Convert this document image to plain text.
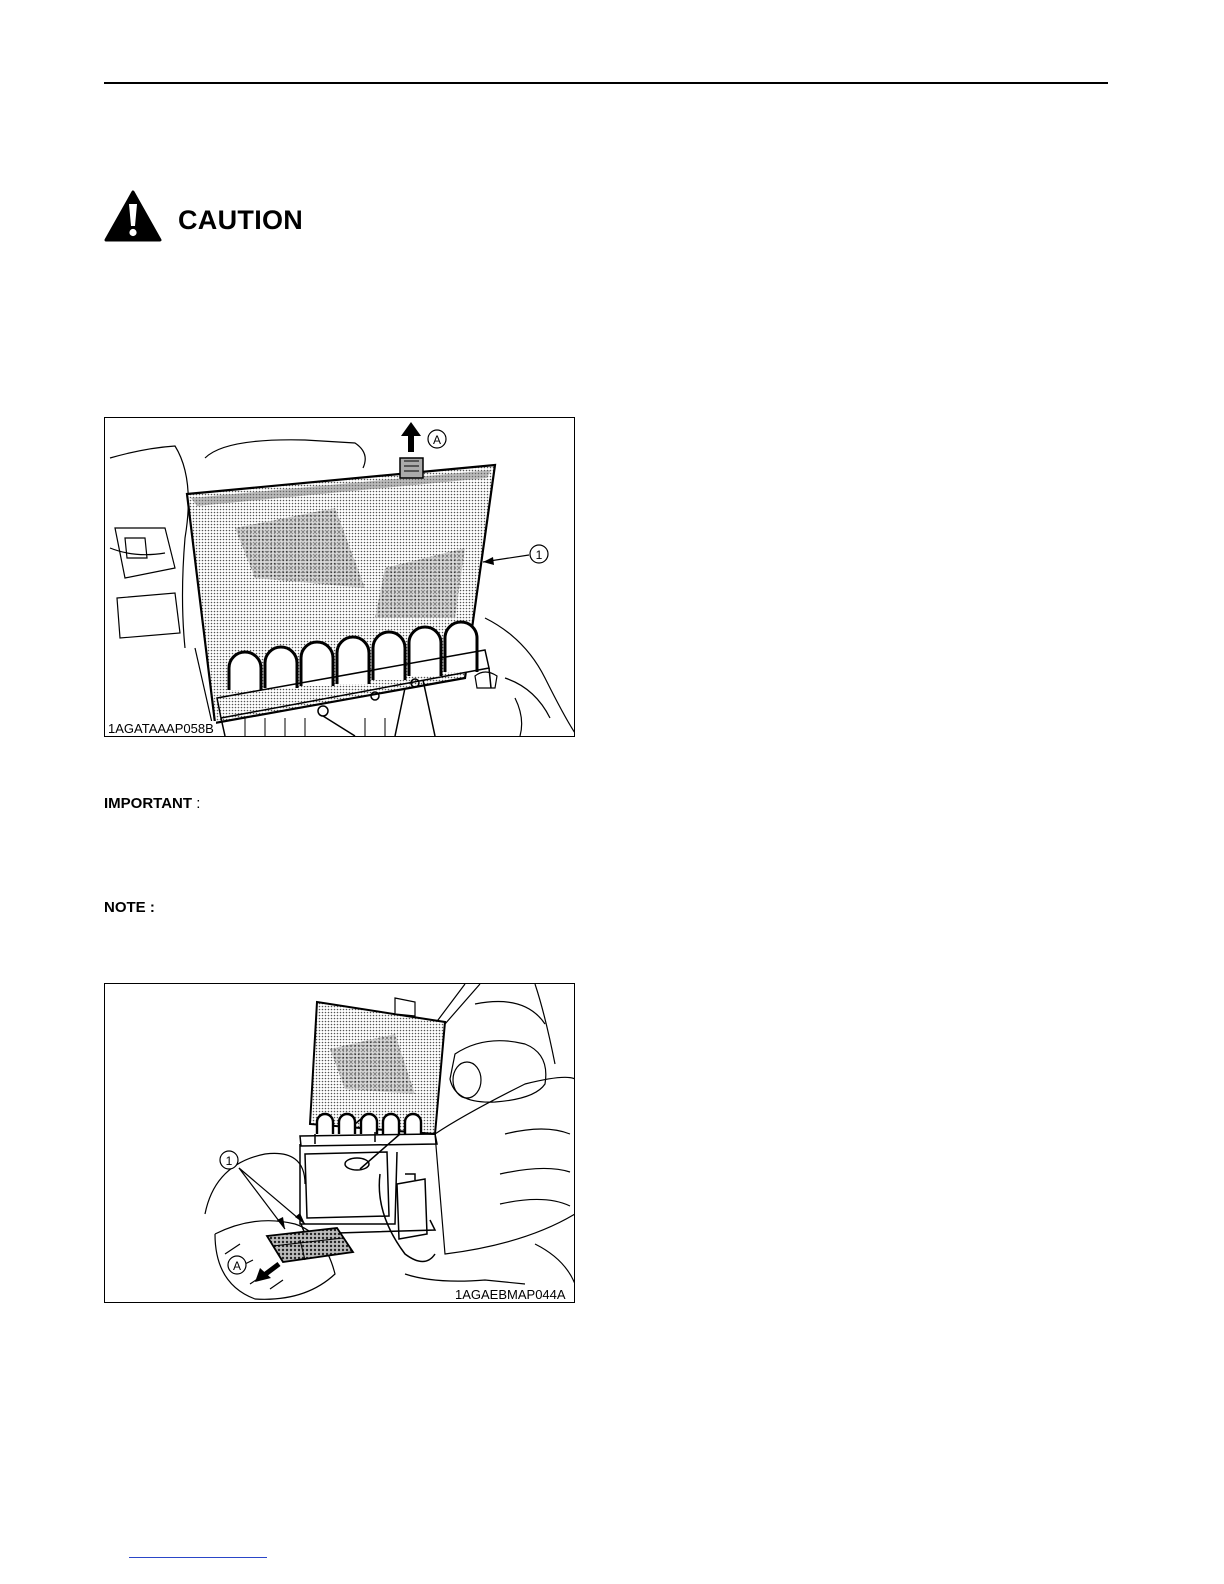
CAUTION
A
1
1AGATAAAP058B
IMPORTANT :
NOTE :
1
A
1AGAEBMAP044A
